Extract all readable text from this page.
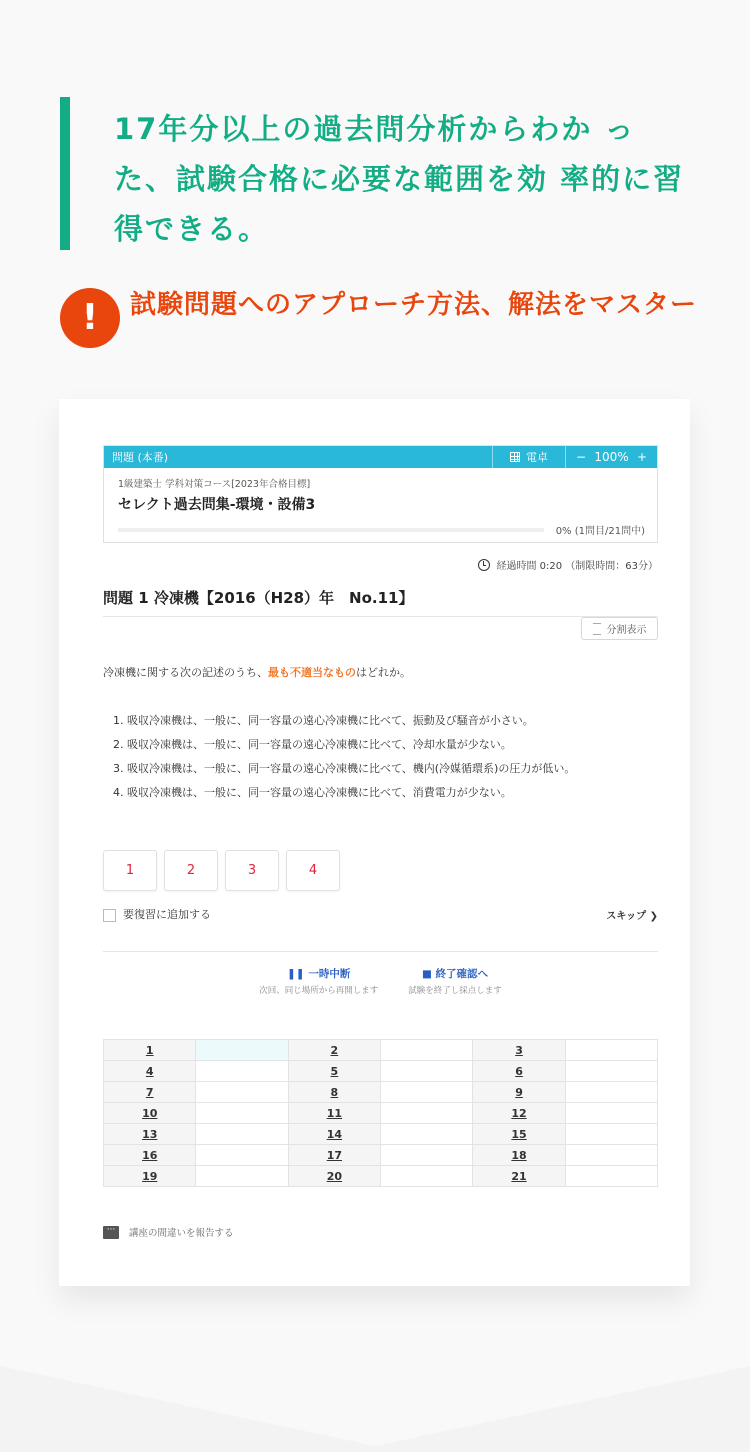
17年分以上の過去問分析からわか った、試験合格に必要な範囲を効 率的に習得できる。

!	試験問題へのアプローチ方法、解法をマスター

問題 (本番)	電卓 − 100% +
1級建築士 学科対策コース[2023年合格目標]
セレクト過去問集-環境・設備3
0% (1問目/21問中)
経過時間 0:20 （制限時間：63分）
問題 1 冷凍機【2016（H28）年　No.11】
分割表示
冷凍機に関する次の記述のうち、最も不適当なものはどれか。
1. 吸収冷凍機は、一般に、同一容量の遠心冷凍機に比べて、振動及び騒音が小さい。
2. 吸収冷凍機は、一般に、同一容量の遠心冷凍機に比べて、冷却水量が少ない。
3. 吸収冷凍機は、一般に、同一容量の遠心冷凍機に比べて、機内(冷媒循環系)の圧力が低い。
4. 吸収冷凍機は、一般に、同一容量の遠心冷凍機に比べて、消費電力が少ない。
1	2	3	4
要復習に追加する	スキップ ❯
❚❚ 一時中断
次回、同じ場所から再開します
■ 終了確認へ
試験を終了し採点します
1		2		3	
4		5		6	
7		8		9	
10		11		12	
13		14		15	
16		17		18	
19		20		21	
···	講座の間違いを報告する
